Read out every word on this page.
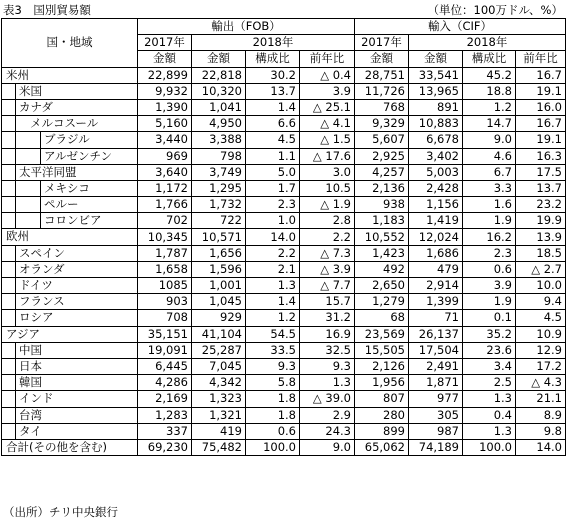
表3　国別貿易額	（単位：100万ドル、%）
国・地域	輸出（FOB）				輸入（CIF）			
	2017年	2018年			2017年	2018年		
	金額	金額	構成比	前年比	金額	金額	構成比	前年比

米州	22,899	22,818	30.2	△ 0.4	28,751	33,541	45.2	16.7

米国	9,932	10,320	13.7	3.9	11,726	13,965	18.8	19.1

カナダ	1,390	1,041	1.4	△ 25.1	768	891	1.2	16.0

メルコスール	5,160	4,950	6.6	△ 4.1	9,329	10,883	14.7	16.7

ブラジル	3,440	3,388	4.5	△ 1.5	5,607	6,678	9.0	19.1

アルゼンチン	969	798	1.1	△ 17.6	2,925	3,402	4.6	16.3

太平洋同盟	3,640	3,749	5.0	3.0	4,257	5,003	6.7	17.5

メキシコ	1,172	1,295	1.7	10.5	2,136	2,428	3.3	13.7

ペルー	1,766	1,732	2.3	△ 1.9	938	1,156	1.6	23.2

コロンビア	702	722	1.0	2.8	1,183	1,419	1.9	19.9

欧州	10,345	10,571	14.0	2.2	10,552	12,024	16.2	13.9

スペイン	1,787	1,656	2.2	△ 7.3	1,423	1,686	2.3	18.5

オランダ	1,658	1,596	2.1	△ 3.9	492	479	0.6	△ 2.7

ドイツ	1085	1,001	1.3	△ 7.7	2,650	2,914	3.9	10.0

フランス	903	1,045	1.4	15.7	1,279	1,399	1.9	9.4

ロシア	708	929	1.2	31.2	68	71	0.1	4.5

アジア	35,151	41,104	54.5	16.9	23,569	26,137	35.2	10.9

中国	19,091	25,287	33.5	32.5	15,505	17,504	23.6	12.9

日本	6,445	7,045	9.3	9.3	2,126	2,491	3.4	17.2

韓国	4,286	4,342	5.8	1.3	1,956	1,871	2.5	△ 4.3

インド	2,169	1,323	1.8	△ 39.0	807	977	1.3	21.1

台湾	1,283	1,321	1.8	2.9	280	305	0.4	8.9

タイ	337	419	0.6	24.3	899	987	1.3	9.8

合計(その他を含む)	69,230	75,482	100.0	9.0	65,062	74,189	100.0	14.0
（出所）チリ中央銀行
